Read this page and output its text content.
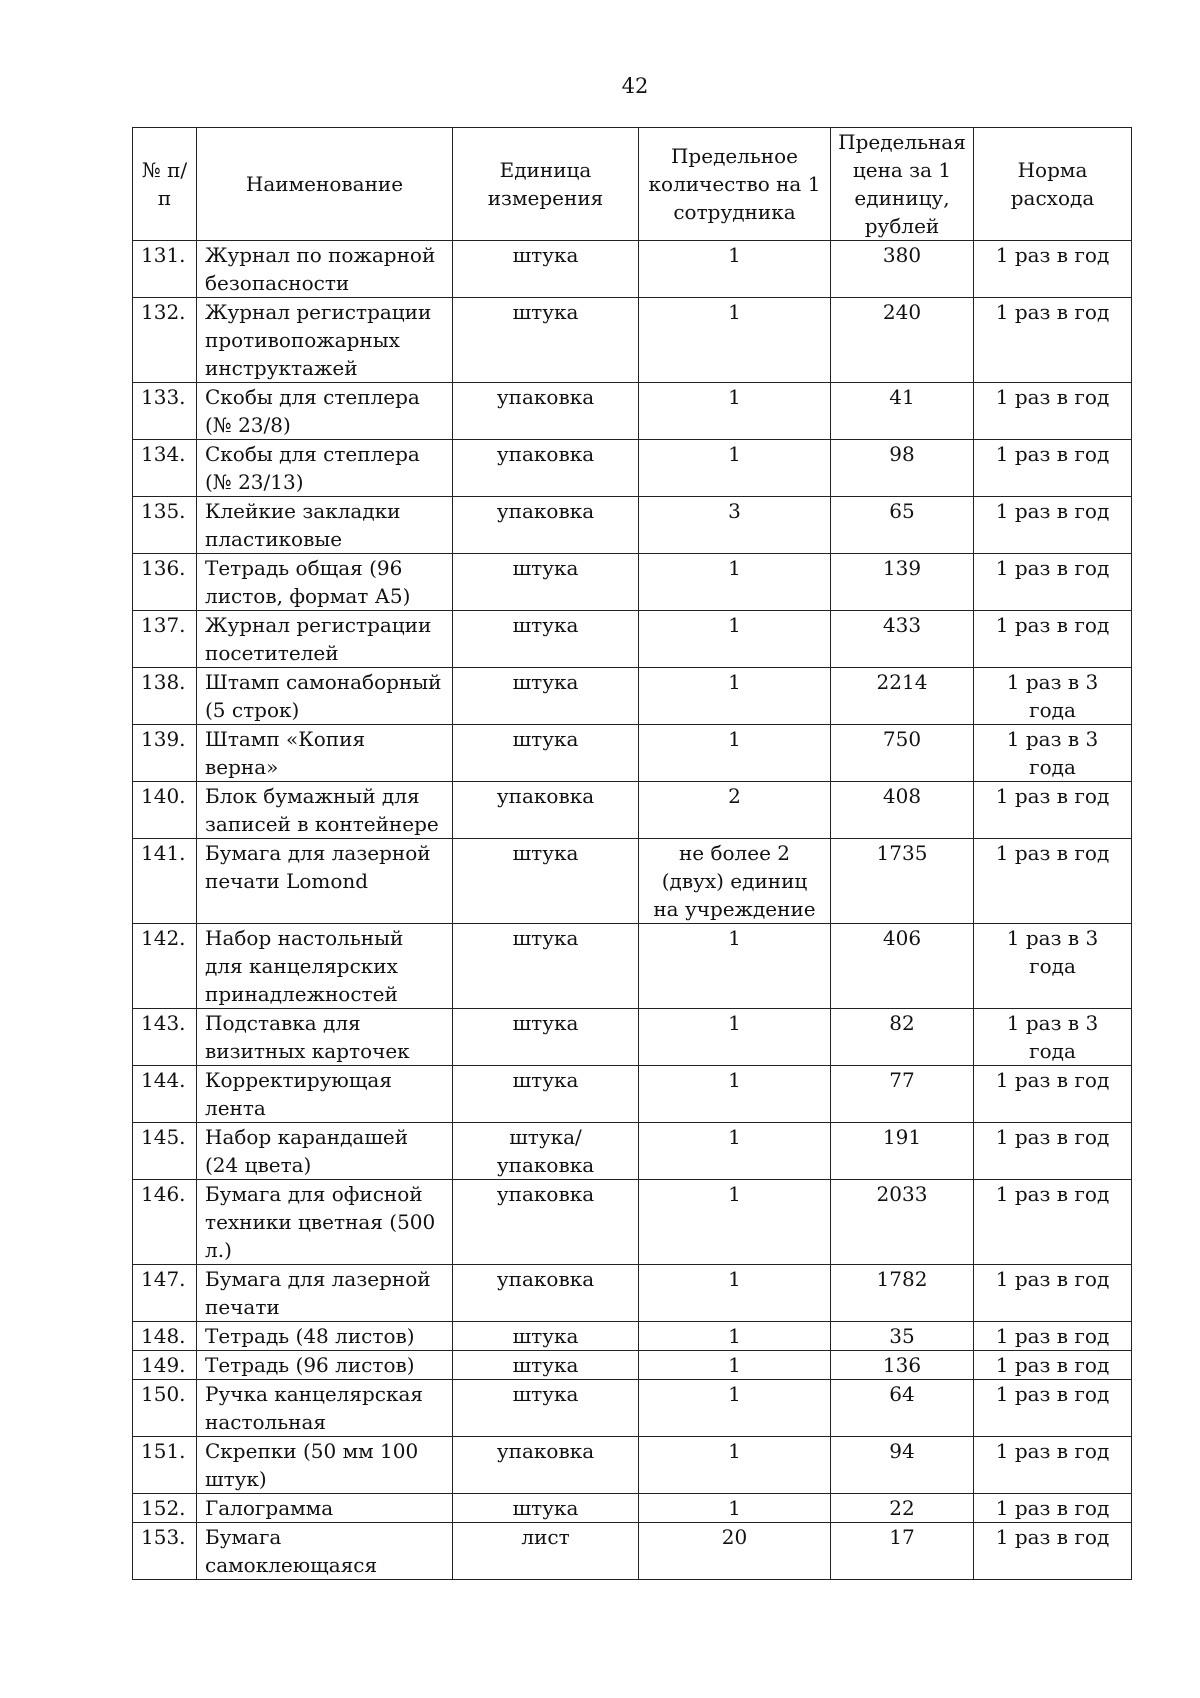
42
№ п/п	Наименование	Единица измерения	Предельное количество на 1 сотрудника	Предельная цена за 1 единицу, рублей	Норма расхода
131.	Журнал по пожарной безопасности	штука	1	380	1 раз в год
132.	Журнал регистрации противопожарных инструктажей	штука	1	240	1 раз в год
133.	Скобы для степлера (№ 23/8)	упаковка	1	41	1 раз в год
134.	Скобы для степлера (№ 23/13)	упаковка	1	98	1 раз в год
135.	Клейкие закладки пластиковые	упаковка	3	65	1 раз в год
136.	Тетрадь общая (96 листов, формат А5)	штука	1	139	1 раз в год
137.	Журнал регистрации посетителей	штука	1	433	1 раз в год
138.	Штамп самонаборный (5 строк)	штука	1	2214	1 раз в 3 года
139.	Штамп «Копия верна»	штука	1	750	1 раз в 3 года
140.	Блок бумажный для записей в контейнере	упаковка	2	408	1 раз в год
141.	Бумага для лазерной печати Lomond	штука	не более 2 (двух) единиц на учреждение	1735	1 раз в год
142.	Набор настольный для канцелярских принадлежностей	штука	1	406	1 раз в 3 года
143.	Подставка для визитных карточек	штука	1	82	1 раз в 3 года
144.	Корректирующая лента	штука	1	77	1 раз в год
145.	Набор карандашей (24 цвета)	штука/упаковка	1	191	1 раз в год
146.	Бумага для офисной техники цветная (500 л.)	упаковка	1	2033	1 раз в год
147.	Бумага для лазерной печати	упаковка	1	1782	1 раз в год
148.	Тетрадь (48 листов)	штука	1	35	1 раз в год
149.	Тетрадь (96 листов)	штука	1	136	1 раз в год
150.	Ручка канцелярская настольная	штука	1	64	1 раз в год
151.	Скрепки (50 мм 100 штук)	упаковка	1	94	1 раз в год
152.	Галограмма	штука	1	22	1 раз в год
153.	Бумага самоклеющаяся	лист	20	17	1 раз в год
